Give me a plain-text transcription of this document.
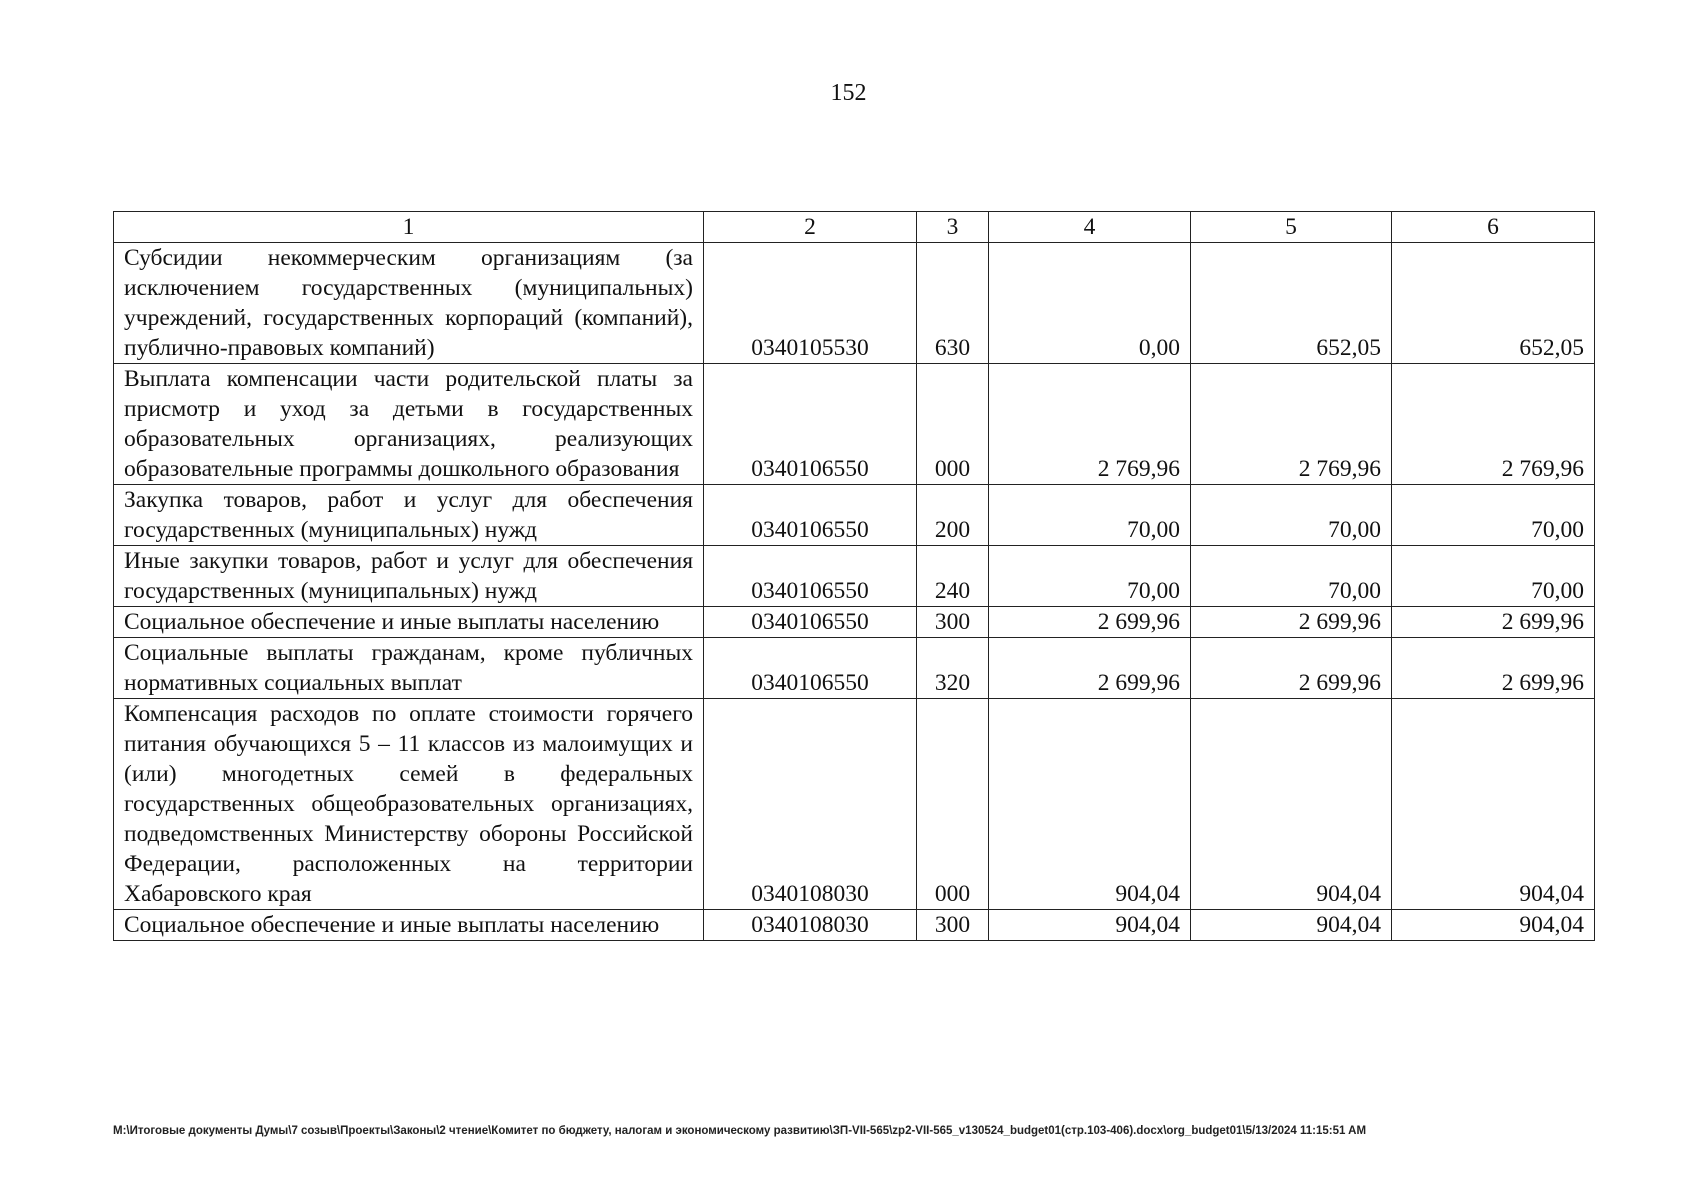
152
1	2	3	4	5	6
Субсидии некоммерческим организациям (за исключением государственных (муниципальных) учреждений, государственных корпораций (компаний), публично-правовых компаний)	0340105530	630	0,00	652,05	652,05
Выплата компенсации части родительской платы за присмотр и уход за детьми в государственных образовательных организациях, реализующих образовательные программы дошкольного образования	0340106550	000	2 769,96	2 769,96	2 769,96
Закупка товаров, работ и услуг для обеспечения государственных (муниципальных) нужд	0340106550	200	70,00	70,00	70,00
Иные закупки товаров, работ и услуг для обеспечения государственных (муниципальных) нужд	0340106550	240	70,00	70,00	70,00
Социальное обеспечение и иные выплаты населению	0340106550	300	2 699,96	2 699,96	2 699,96
Социальные выплаты гражданам, кроме публичных нормативных социальных выплат	0340106550	320	2 699,96	2 699,96	2 699,96
Компенсация расходов по оплате стоимости горячего питания обучающихся 5 – 11 классов из малоимущих и (или) многодетных семей в федеральных государственных общеобразовательных организациях, подведомственных Министерству обороны Российской Федерации, расположенных на территории Хабаровского края	0340108030	000	904,04	904,04	904,04
Социальное обеспечение и иные выплаты населению	0340108030	300	904,04	904,04	904,04
M:\Итоговые документы Думы\7 созыв\Проекты\Законы\2 чтение\Комитет по бюджету, налогам и экономическому развитию\ЗП-VII-565\zp2-VII-565_v130524_budget01(стр.103-406).docx\org_budget01\5/13/2024 11:15:51 AM
